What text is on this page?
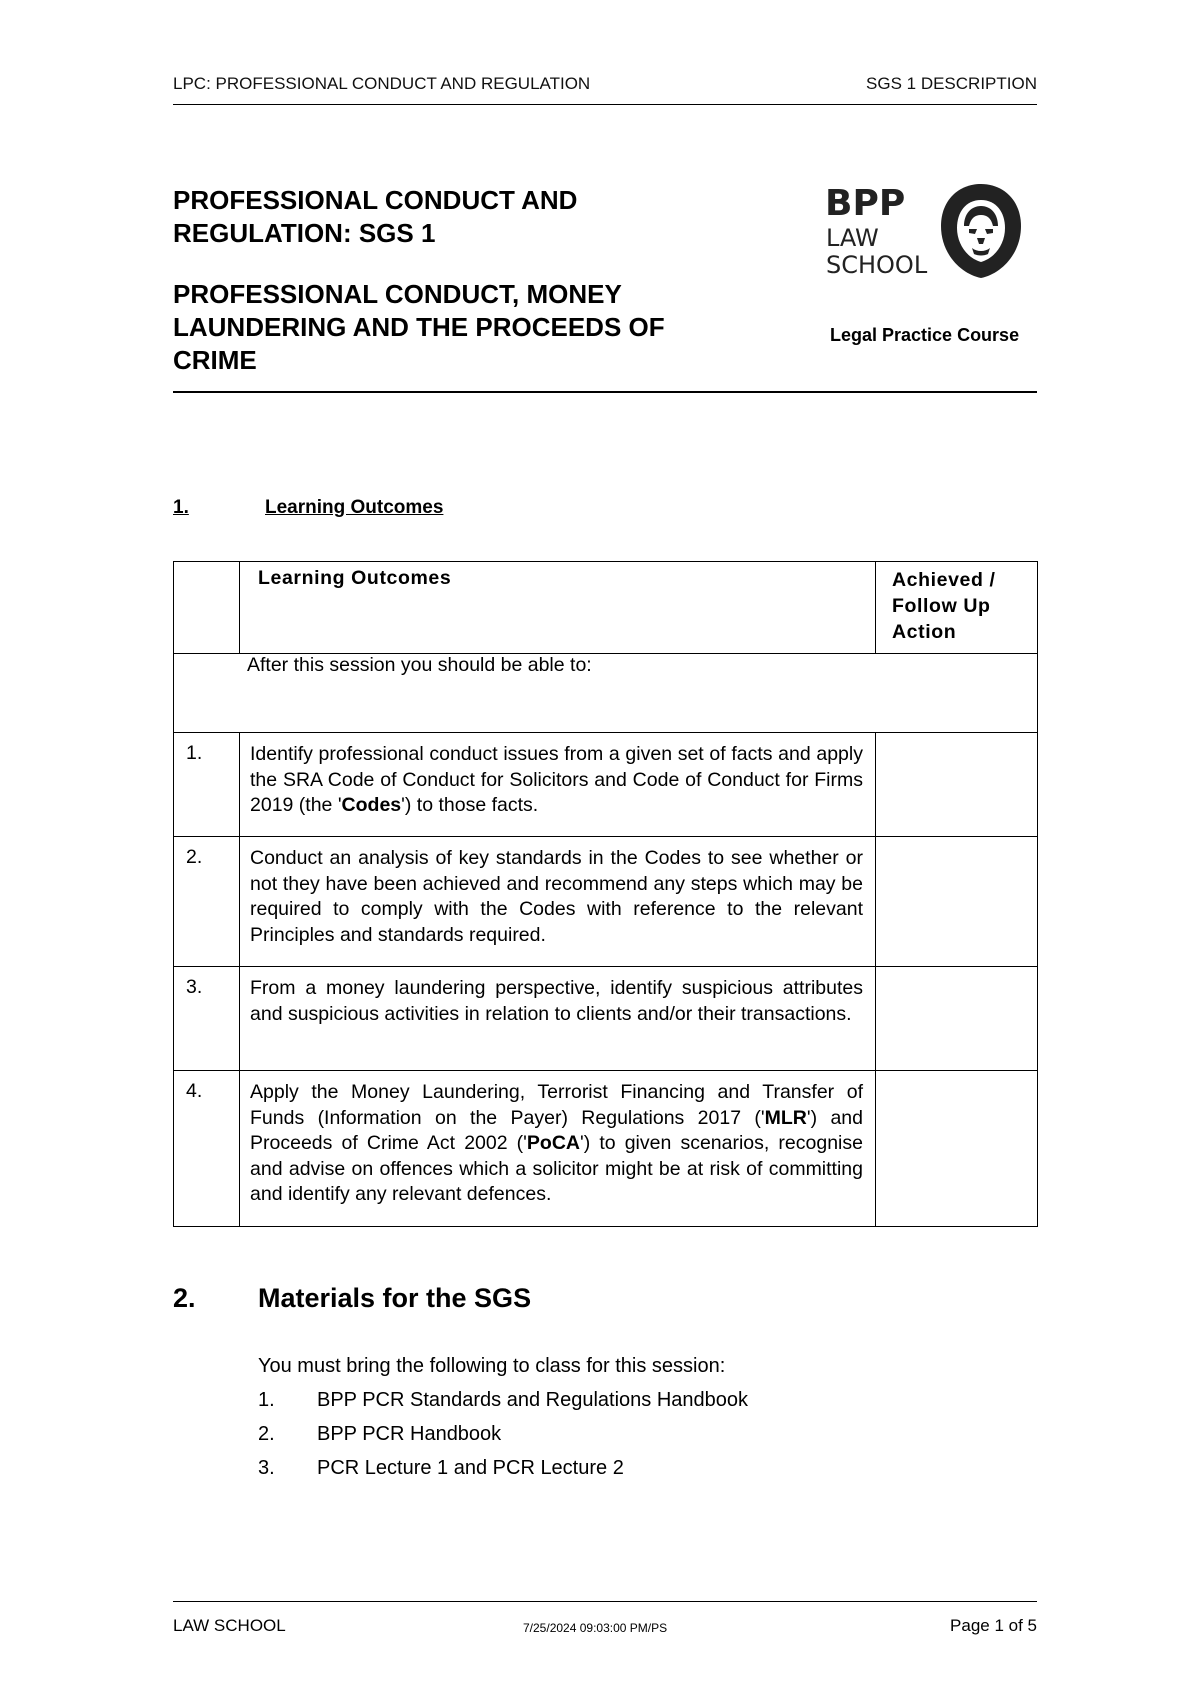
LPC: PROFESSIONAL CONDUCT AND REGULATION	SGS 1 DESCRIPTION
PROFESSIONAL CONDUCT AND
REGULATION: SGS 1
PROFESSIONAL CONDUCT, MONEY
LAUNDERING AND THE PROCEEDS OF
CRIME
BPP
LAW
SCHOOL
Legal Practice Course
1.	Learning Outcomes
	Learning Outcomes	Achieved /
Follow Up
Action

After this session you should be able to:		
1.	Identify professional conduct issues from a given set of facts and apply the SRA Code of Conduct for Solicitors and Code of Conduct for Firms 2019 (the 'Codes') to those facts.	
2.	Conduct an analysis of key standards in the Codes to see whether or not they have been achieved and recommend any steps which may be required to comply with the Codes with reference to the relevant Principles and standards required.	
3.	From a money laundering perspective, identify suspicious attributes and suspicious activities in relation to clients and/or their transactions.	
4.	Apply the Money Laundering, Terrorist Financing and Transfer of Funds (Information on the Payer) Regulations 2017 ('MLR') and Proceeds of Crime Act 2002 ('PoCA') to given scenarios, recognise and advise on offences which a solicitor might be at risk of committing and identify any relevant defences.	
2. Materials for the SGS
You must bring the following to class for this session:
1. BPP PCR Standards and Regulations Handbook
2. BPP PCR Handbook
3. PCR Lecture 1 and PCR Lecture 2
LAW SCHOOL	7/25/2024 09:03:00 PM/PS	Page 1 of 5
